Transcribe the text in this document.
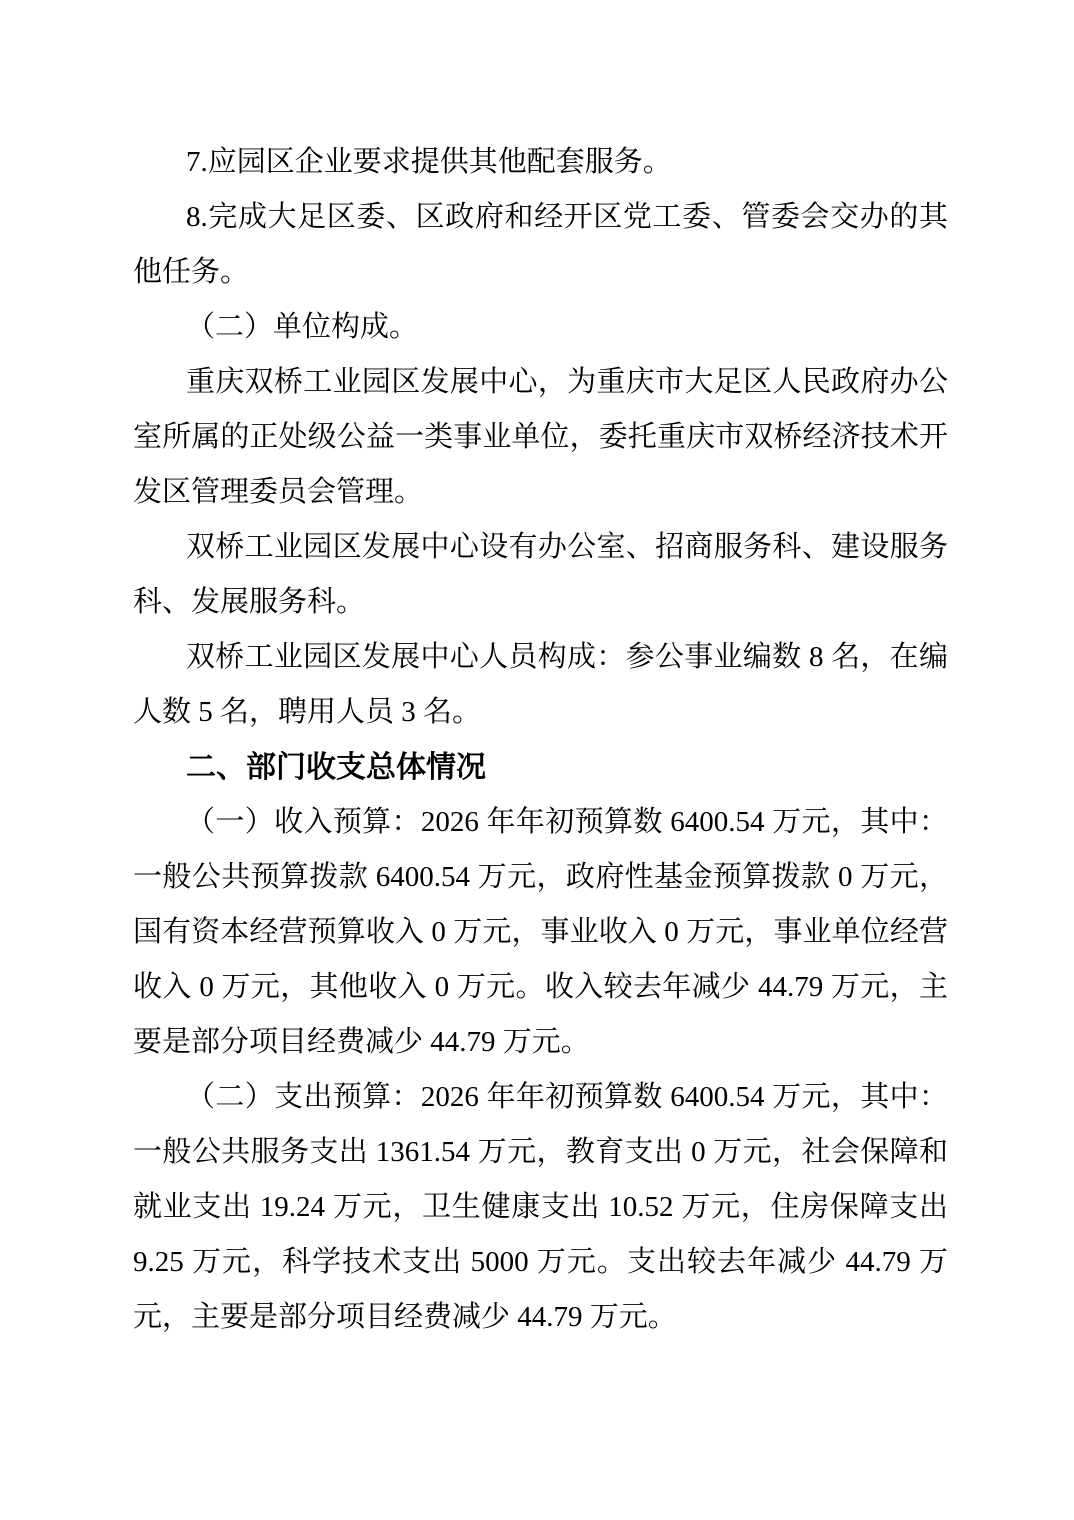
7.应园区企业要求提供其他配套服务。

8.完成大足区委、区政府和经开区党工委、管委会交办的其他任务。

（二）单位构成。

重庆双桥工业园区发展中心，为重庆市大足区人民政府办公室所属的正处级公益一类事业单位，委托重庆市双桥经济技术开发区管理委员会管理。

双桥工业园区发展中心设有办公室、招商服务科、建设服务科、发展服务科。

双桥工业园区发展中心人员构成：参公事业编数 8 名，在编人数 5 名，聘用人员 3 名。

二、部门收支总体情况

（一）收入预算：2026 年年初预算数 6400.54 万元，其中：一般公共预算拨款 6400.54 万元，政府性基金预算拨款 0 万元，国有资本经营预算收入 0 万元，事业收入 0 万元，事业单位经营收入 0 万元，其他收入 0 万元。收入较去年减少 44.79 万元，主要是部分项目经费减少 44.79 万元。

（二）支出预算：2026 年年初预算数 6400.54 万元，其中：一般公共服务支出 1361.54 万元，教育支出 0 万元，社会保障和就业支出 19.24 万元，卫生健康支出 10.52 万元，住房保障支出 9.25 万元，科学技术支出 5000 万元。支出较去年减少 44.79 万元，主要是部分项目经费减少 44.79 万元。
